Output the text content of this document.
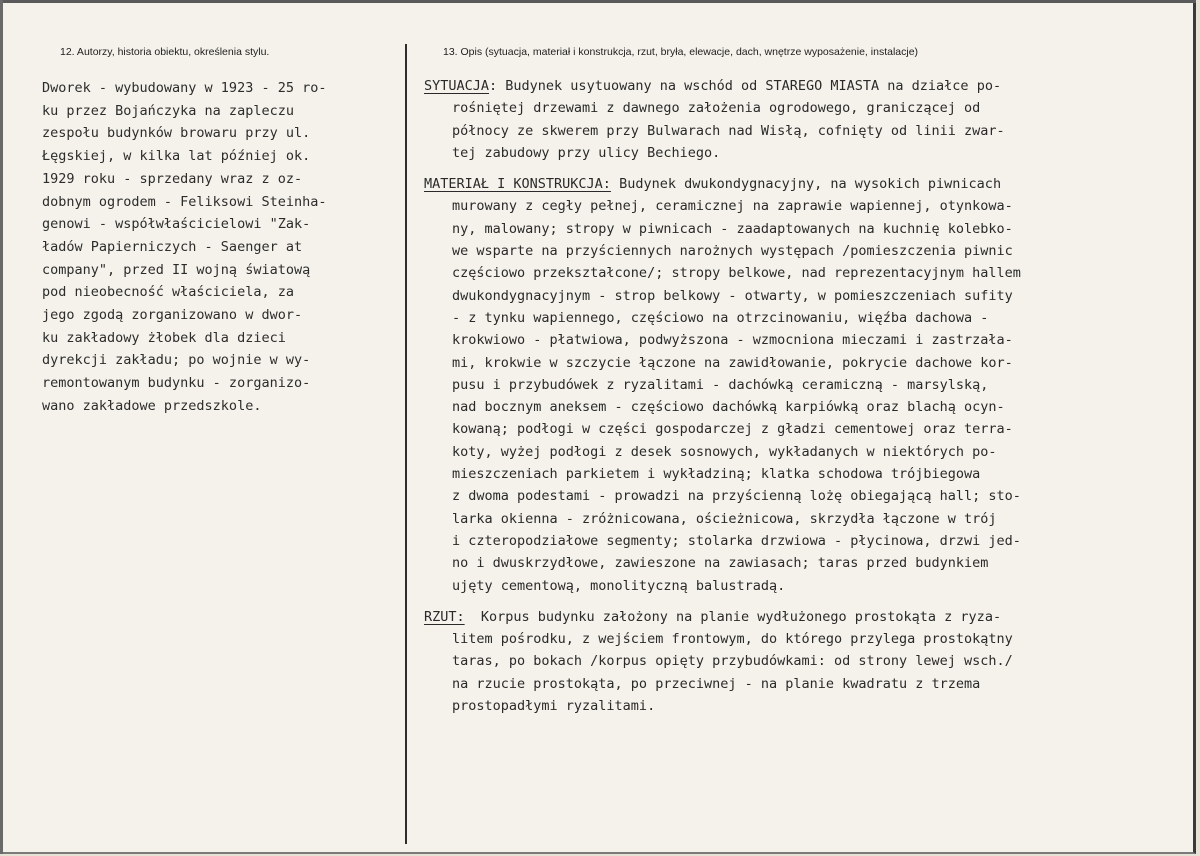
12. Autorzy, historia obiektu, określenia stylu.	13. Opis (sytuacja, materiał i konstrukcja, rzut, bryła, elewacje, dach, wnętrze wyposażenie, instalacje)
Dworek - wybudowany w 1923 - 25 ro-
ku przez Bojańczyka na zapleczu
zespołu budynków browaru przy ul.
Łęgskiej, w kilka lat później ok.
1929 roku - sprzedany wraz z oz-
dobnym ogrodem - Feliksowi Steinha-
genowi - współwłaścicielowi "Zak-
ładów Papierniczych - Saenger at
company", przed II wojną światową
pod nieobecność właściciela, za
jego zgodą zorganizowano w dwor-
ku zakładowy żłobek dla dzieci
dyrekcji zakładu; po wojnie w wy-
remontowanym budynku - zorganizo-
wano zakładowe przedszkole.
SYTUACJA: Budynek usytuowany na wschód od STAREGO MIASTA na działce po-
rośniętej drzewami z dawnego założenia ogrodowego, graniczącej od
północy ze skwerem przy Bulwarach nad Wisłą, cofnięty od linii zwar-
tej zabudowy przy ulicy Bechiego.
MATERIAŁ I KONSTRUKCJA: Budynek dwukondygnacyjny, na wysokich piwnicach
murowany z cegły pełnej, ceramicznej na zaprawie wapiennej, otynkowa-
ny, malowany; stropy w piwnicach - zaadaptowanych na kuchnię kolebko-
we wsparte na przyściennych narożnych występach /pomieszczenia piwnic
częściowo przekształcone/; stropy belkowe, nad reprezentacyjnym hallem
dwukondygnacyjnym - strop belkowy - otwarty, w pomieszczeniach sufity
- z tynku wapiennego, częściowo na otrzcinowaniu, więźba dachowa -
krokwiowo - płatwiowa, podwyższona - wzmocniona mieczami i zastrzała-
mi, krokwie w szczycie łączone na zawidłowanie, pokrycie dachowe kor-
pusu i przybudówek z ryzalitami - dachówką ceramiczną - marsylską,
nad bocznym aneksem - częściowo dachówką karpiówką oraz blachą ocyn-
kowaną; podłogi w części gospodarczej z gładzi cementowej oraz terra-
koty, wyżej podłogi z desek sosnowych, wykładanych w niektórych po-
mieszczeniach parkietem i wykładziną; klatka schodowa trójbiegowa
z dwoma podestami - prowadzi na przyścienną lożę obiegającą hall; sto-
larka okienna - zróżnicowana, ościeżnicowa, skrzydła łączone w trój
i czteropodziałowe segmenty; stolarka drzwiowa - płycinowa, drzwi jed-
no i dwuskrzydłowe, zawieszone na zawiasach; taras przed budynkiem
ujęty cementową, monolityczną balustradą.
RZUT:  Korpus budynku założony na planie wydłużonego prostokąta z ryza-
litem pośrodku, z wejściem frontowym, do którego przylega prostokątny
taras, po bokach /korpus opięty przybudówkami: od strony lewej wsch./
na rzucie prostokąta, po przeciwnej - na planie kwadratu z trzema
prostopadłymi ryzalitami.
